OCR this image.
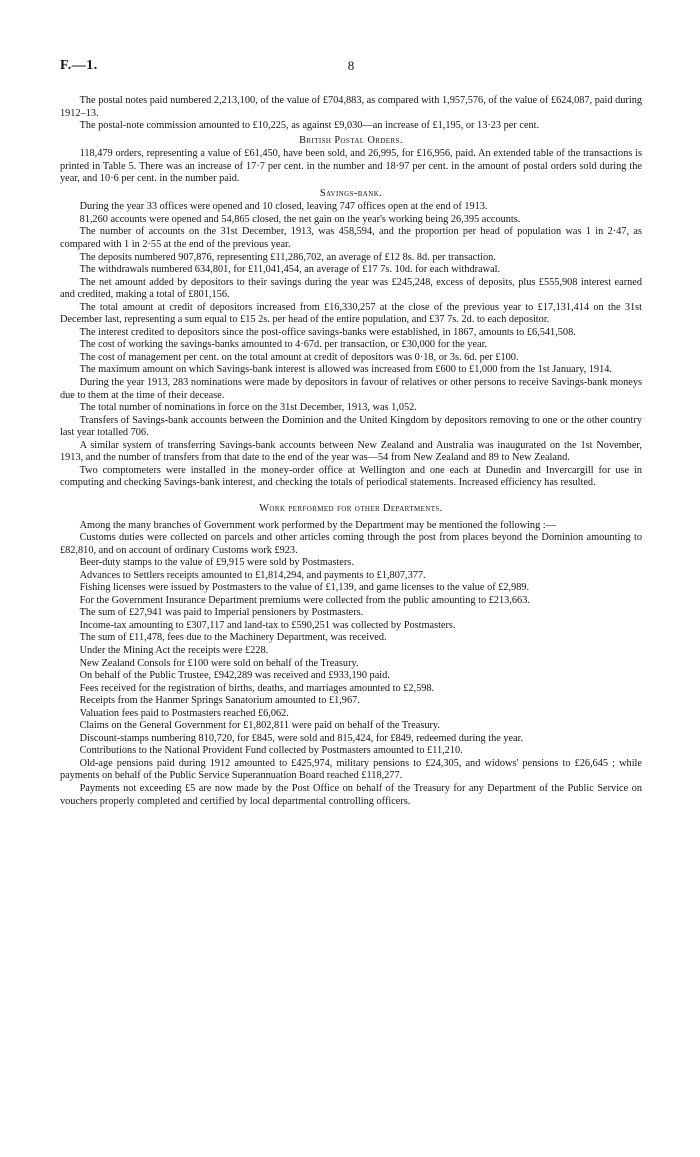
F.—1.	8

The postal notes paid numbered 2,213,100, of the value of £704,883, as compared with 1,957,576, of the value of £624,087, paid during 1912–13.

The postal-note commission amounted to £10,225, as against £9,030—an increase of £1,195, or 13·23 per cent.

British Postal Orders.

118,479 orders, representing a value of £61,450, have been sold, and 26,995, for £16,956, paid. An extended table of the transactions is printed in Table 5. There was an increase of 17·7 per cent. in the number and 18·97 per cent. in the amount of postal orders sold during the year, and 10·6 per cent. in the number paid.

Savings-bank.

During the year 33 offices were opened and 10 closed, leaving 747 offices open at the end of 1913.

81,260 accounts were opened and 54,865 closed, the net gain on the year's working being 26,395 accounts.

The number of accounts on the 31st December, 1913, was 458,594, and the proportion per head of population was 1 in 2·47, as compared with 1 in 2·55 at the end of the previous year.

The deposits numbered 907,876, representing £11,286,702, an average of £12 8s. 8d. per transaction.

The withdrawals numbered 634,801, for £11,041,454, an average of £17 7s. 10d. for each withdrawal.

The net amount added by depositors to their savings during the year was £245,248, excess of deposits, plus £555,908 interest earned and credited, making a total of £801,156.

The total amount at credit of depositors increased from £16,330,257 at the close of the previous year to £17,131,414 on the 31st December last, representing a sum equal to £15 2s. per head of the entire population, and £37 7s. 2d. to each depositor.

The interest credited to depositors since the post-office savings-banks were established, in 1867, amounts to £6,541,508.

The cost of working the savings-banks amounted to 4·67d. per transaction, or £30,000 for the year.

The cost of management per cent. on the total amount at credit of depositors was 0·18, or 3s. 6d. per £100.

The maximum amount on which Savings-bank interest is allowed was increased from £600 to £1,000 from the 1st January, 1914.

During the year 1913, 283 nominations were made by depositors in favour of relatives or other persons to receive Savings-bank moneys due to them at the time of their decease.

The total number of nominations in force on the 31st December, 1913, was 1,052.

Transfers of Savings-bank accounts between the Dominion and the United Kingdom by depositors removing to one or the other country last year totalled 706.

A similar system of transferring Savings-bank accounts between New Zealand and Australia was inaugurated on the 1st November, 1913, and the number of transfers from that date to the end of the year was—54 from New Zealand and 89 to New Zealand.

Two comptometers were installed in the money-order office at Wellington and one each at Dunedin and Invercargill for use in computing and checking Savings-bank interest, and checking the totals of periodical statements. Increased efficiency has resulted.

Work performed for other Departments.

Among the many branches of Government work performed by the Department may be mentioned the following :—

Customs duties were collected on parcels and other articles coming through the post from places beyond the Dominion amounting to £82,810, and on account of ordinary Customs work £923.

Beer-duty stamps to the value of £9,915 were sold by Postmasters.

Advances to Settlers receipts amounted to £1,814,294, and payments to £1,807,377.

Fishing licenses were issued by Postmasters to the value of £1,139, and game licenses to the value of £2,989.

For the Government Insurance Department premiums were collected from the public amounting to £213,663.

The sum of £27,941 was paid to Imperial pensioners by Postmasters.

Income-tax amounting to £307,117 and land-tax to £590,251 was collected by Postmasters.

The sum of £11,478, fees due to the Machinery Department, was received.

Under the Mining Act the receipts were £228.

New Zealand Consols for £100 were sold on behalf of the Treasury.

On behalf of the Public Trustee, £942,289 was received and £933,190 paid.

Fees received for the registration of births, deaths, and marriages amounted to £2,598.

Receipts from the Hanmer Springs Sanatorium amounted to £1,967.

Valuation fees paid to Postmasters reached £6,062.

Claims on the General Government for £1,802,811 were paid on behalf of the Treasury.

Discount-stamps numbering 810,720, for £845, were sold and 815,424, for £849, redeemed during the year.

Contributions to the National Provident Fund collected by Postmasters amounted to £11,210.

Old-age pensions paid during 1912 amounted to £425,974, military pensions to £24,305, and widows' pensions to £26,645 ; while payments on behalf of the Public Service Superannuation Board reached £118,277.

Payments not exceeding £5 are now made by the Post Office on behalf of the Treasury for any Department of the Public Service on vouchers properly completed and certified by local departmental controlling officers.
